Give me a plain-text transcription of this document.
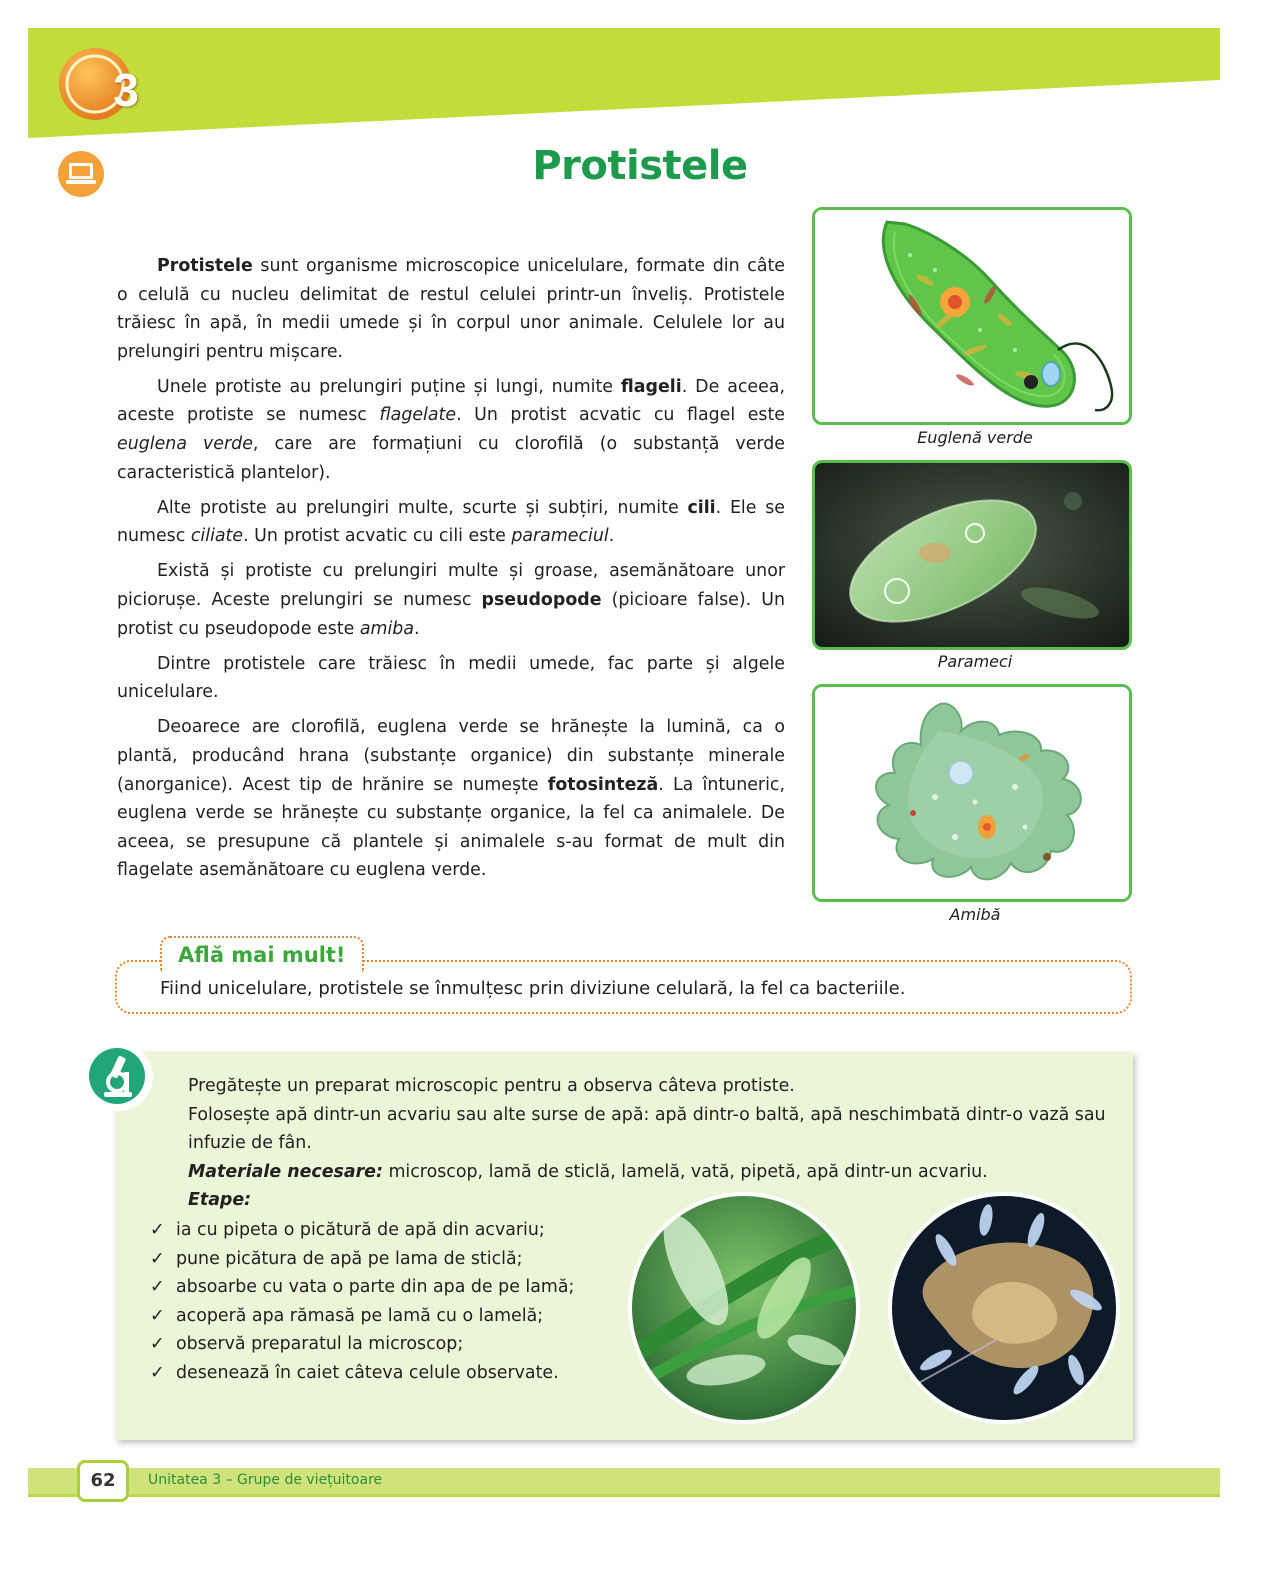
3
Protistele

Protistele sunt organisme microscopice unicelulare, formate din câte o celulă cu nucleu delimitat de restul celulei printr-un înveliș. Protistele trăiesc în apă, în medii umede și în corpul unor animale. Celulele lor au prelungiri pentru mișcare.

Unele protiste au prelungiri puține și lungi, numite flageli. De aceea, aceste protiste se numesc flagelate. Un protist acvatic cu flagel este euglena verde, care are formațiuni cu clorofilă (o substanță verde caracteristică plantelor).

Alte protiste au prelungiri multe, scurte și subțiri, numite cili. Ele se numesc ciliate. Un protist acvatic cu cili este parameciul.

Există și protiste cu prelungiri multe și groase, asemănătoare unor piciorușe. Aceste prelungiri se numesc pseudopode (picioare false). Un protist cu pseudopode este amiba.

Dintre protistele care trăiesc în medii umede, fac parte și algele unicelulare.

Deoarece are clorofilă, euglena verde se hrănește la lumină, ca o plantă, producând hrana (substanțe organice) din substanțe minerale (anorganice). Acest tip de hrănire se numește fotosinteză. La întuneric, euglena verde se hrănește cu substanțe organice, la fel ca animalele. De aceea, se presupune că plantele și animalele s-au format de mult din flagelate asemănătoare cu euglena verde.

Euglenă verde
Parameci
Amibă
Află mai mult!
Fiind unicelulare, protistele se înmulțesc prin diviziune celulară, la fel ca bacteriile.
Pregătește un preparat microscopic pentru a observa câteva protiste.
Folosește apă dintr-un acvariu sau alte surse de apă: apă dintr-o baltă, apă neschimbată dintr-o vază sau infuzie de fân.
Materiale necesare: microscop, lamă de sticlă, lamelă, vată, pipetă, apă dintr-un acvariu.
Etape:
✓ ia cu pipeta o picătură de apă din acvariu;
✓ pune picătura de apă pe lama de sticlă;
✓ absoarbe cu vata o parte din apa de pe lamă;
✓ acoperă apa rămasă pe lamă cu o lamelă;
✓ observă preparatul la microscop;
✓ desenează în caiet câteva celule observate.
62	Unitatea 3 – Grupe de viețuitoare
